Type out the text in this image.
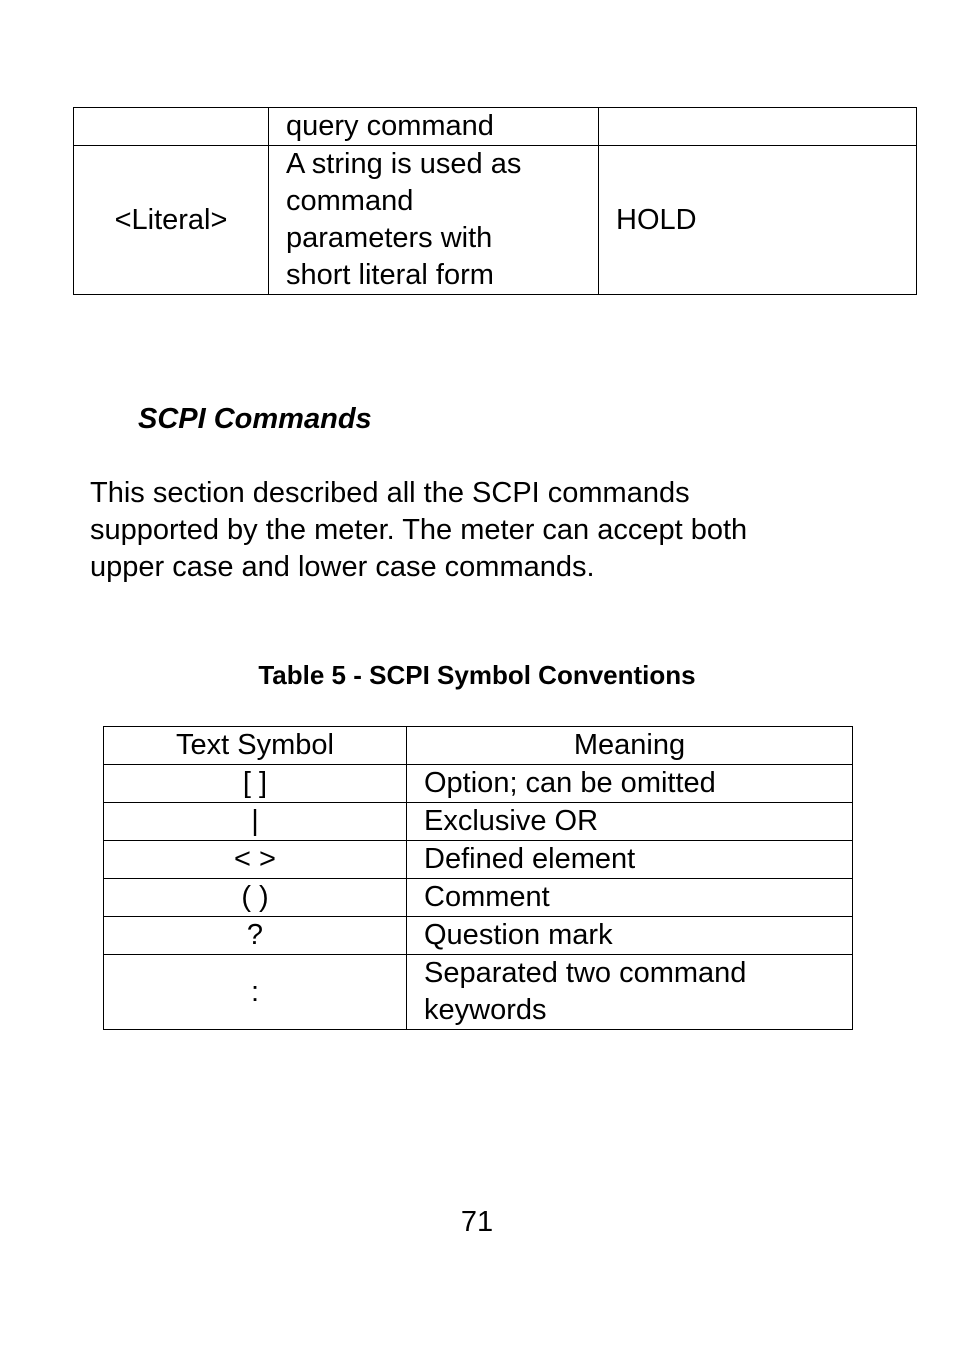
	query command	
<Literal>	A string is used as
command
parameters with
short literal form	HOLD
SCPI Commands

This section described all the SCPI commands
supported by the meter. The meter can accept both
upper case and lower case commands.

Table 5 - SCPI Symbol Conventions

Text Symbol	Meaning
[ ]	Option; can be omitted
|	Exclusive OR
< >	Defined element
( )	Comment
?	Question mark
:	Separated two command
keywords

71
